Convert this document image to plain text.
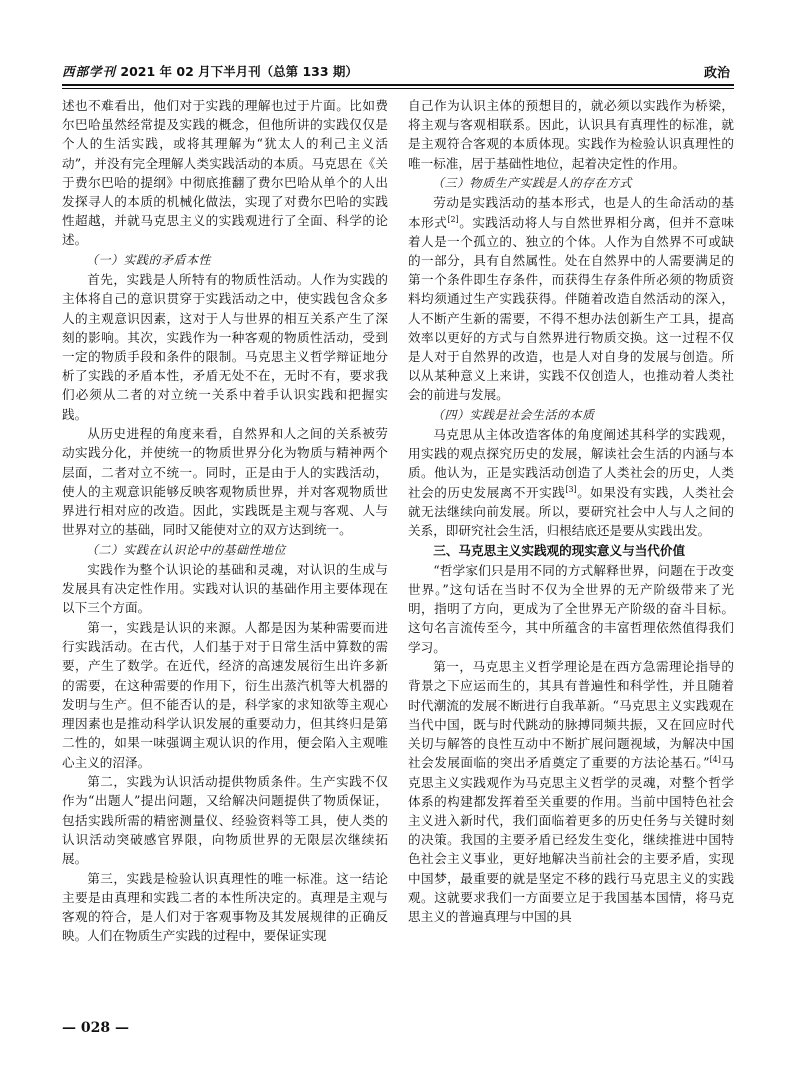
西部学刊 2021 年 02 月下半月刊（总第 133 期）	政治

述也不难看出，他们对于实践的理解也过于片面。比如费尔巴哈虽然经常提及实践的概念，但他所讲的实践仅仅是个人的生活实践，或将其理解为“犹太人的利己主义活动”，并没有完全理解人类实践活动的本质。马克思在《关于费尔巴哈的提纲》中彻底推翻了费尔巴哈从单个的人出发探寻人的本质的机械化做法，实现了对费尔巴哈的实践性超越，并就马克思主义的实践观进行了全面、科学的论述。

（一）实践的矛盾本性

首先，实践是人所特有的物质性活动。人作为实践的主体将自己的意识贯穿于实践活动之中，使实践包含众多人的主观意识因素，这对于人与世界的相互关系产生了深刻的影响。其次，实践作为一种客观的物质性活动，受到一定的物质手段和条件的限制。马克思主义哲学辩证地分析了实践的矛盾本性，矛盾无处不在，无时不有，要求我们必须从二者的对立统一关系中着手认识实践和把握实践。

从历史进程的角度来看，自然界和人之间的关系被劳动实践分化，并使统一的物质世界分化为物质与精神两个层面，二者对立不统一。同时，正是由于人的实践活动，使人的主观意识能够反映客观物质世界，并对客观物质世界进行相对应的改造。因此，实践既是主观与客观、人与世界对立的基础，同时又能使对立的双方达到统一。

（二）实践在认识论中的基础性地位

实践作为整个认识论的基础和灵魂，对认识的生成与发展具有决定性作用。实践对认识的基础作用主要体现在以下三个方面。

第一，实践是认识的来源。人都是因为某种需要而进行实践活动。在古代，人们基于对于日常生活中算数的需要，产生了数学。在近代，经济的高速发展衍生出许多新的需要，在这种需要的作用下，衍生出蒸汽机等大机器的发明与生产。但不能否认的是，科学家的求知欲等主观心理因素也是推动科学认识发展的重要动力，但其终归是第二性的，如果一味强调主观认识的作用，便会陷入主观唯心主义的沼泽。

第二，实践为认识活动提供物质条件。生产实践不仅作为“出题人”提出问题，又给解决问题提供了物质保证，包括实践所需的精密测量仪、经验资料等工具，使人类的认识活动突破感官界限，向物质世界的无限层次继续拓展。

第三，实践是检验认识真理性的唯一标准。这一结论主要是由真理和实践二者的本性所决定的。真理是主观与客观的符合，是人们对于客观事物及其发展规律的正确反映。人们在物质生产实践的过程中，要保证实现

自己作为认识主体的预想目的，就必须以实践作为桥梁，将主观与客观相联系。因此，认识具有真理性的标准，就是主观符合客观的本质体现。实践作为检验认识真理性的唯一标准，居于基础性地位，起着决定性的作用。

（三）物质生产实践是人的存在方式

劳动是实践活动的基本形式，也是人的生命活动的基本形式[2]。实践活动将人与自然世界相分离，但并不意味着人是一个孤立的、独立的个体。人作为自然界不可或缺的一部分，具有自然属性。处在自然界中的人需要满足的第一个条件即生存条件，而获得生存条件所必须的物质资料均须通过生产实践获得。伴随着改造自然活动的深入，人不断产生新的需要，不得不想办法创新生产工具，提高效率以更好的方式与自然界进行物质交换。这一过程不仅是人对于自然界的改造，也是人对自身的发展与创造。所以从某种意义上来讲，实践不仅创造人，也推动着人类社会的前进与发展。

（四）实践是社会生活的本质

马克思从主体改造客体的角度阐述其科学的实践观，用实践的观点探究历史的发展，解读社会生活的内涵与本质。他认为，正是实践活动创造了人类社会的历史，人类社会的历史发展离不开实践[3]。如果没有实践，人类社会就无法继续向前发展。所以，要研究社会中人与人之间的关系，即研究社会生活，归根结底还是要从实践出发。

三、马克思主义实践观的现实意义与当代价值

“哲学家们只是用不同的方式解释世界，问题在于改变世界。”这句话在当时不仅为全世界的无产阶级带来了光明，指明了方向，更成为了全世界无产阶级的奋斗目标。这句名言流传至今，其中所蕴含的丰富哲理依然值得我们学习。

第一，马克思主义哲学理论是在西方急需理论指导的背景之下应运而生的，其具有普遍性和科学性，并且随着时代潮流的发展不断进行自我革新。“马克思主义实践观在当代中国，既与时代跳动的脉搏同频共振，又在回应时代关切与解答的良性互动中不断扩展问题视域，为解决中国社会发展面临的突出矛盾奠定了重要的方法论基石。”[4]马克思主义实践观作为马克思主义哲学的灵魂，对整个哲学体系的构建都发挥着至关重要的作用。当前中国特色社会主义进入新时代，我们面临着更多的历史任务与关键时刻的决策。我国的主要矛盾已经发生变化，继续推进中国特色社会主义事业，更好地解决当前社会的主要矛盾，实现中国梦，最重要的就是坚定不移的践行马克思主义的实践观。这就要求我们一方面要立足于我国基本国情，将马克思主义的普遍真理与中国的具

— 028 —
